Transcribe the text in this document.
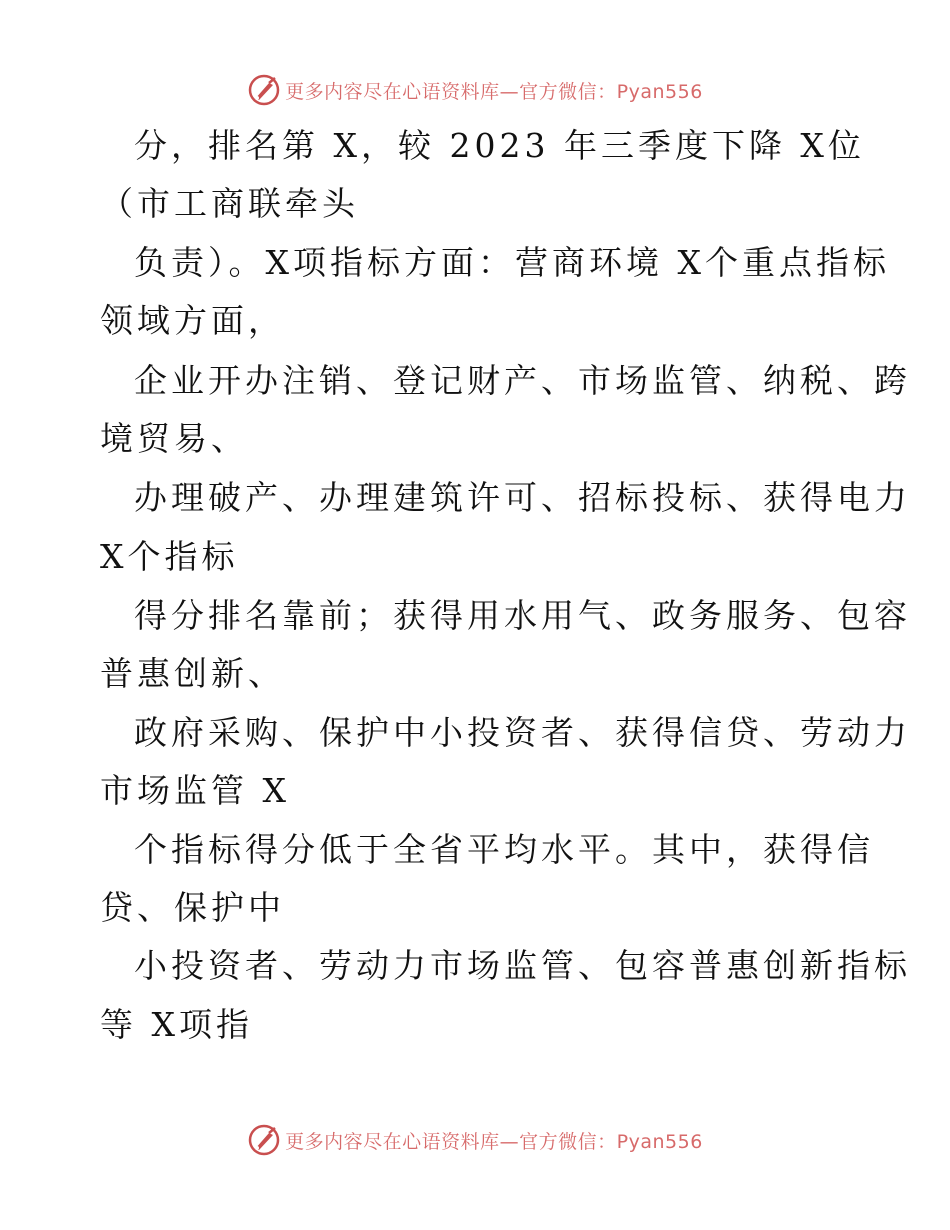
更多内容尽在心语资料库—官方微信：Pyan556
分，排名第 X，较 2023 年三季度下降 X位
（市工商联牵头
负责）。X项指标方面：营商环境 X个重点指标
领域方面，
企业开办注销、登记财产、市场监管、纳税、跨
境贸易、
办理破产、办理建筑许可、招标投标、获得电力
X个指标
得分排名靠前；获得用水用气、政务服务、包容
普惠创新、
政府采购、保护中小投资者、获得信贷、劳动力
市场监管 X
个指标得分低于全省平均水平。其中，获得信
贷、保护中
小投资者、劳动力市场监管、包容普惠创新指标
等 X项指
更多内容尽在心语资料库—官方微信：Pyan556
